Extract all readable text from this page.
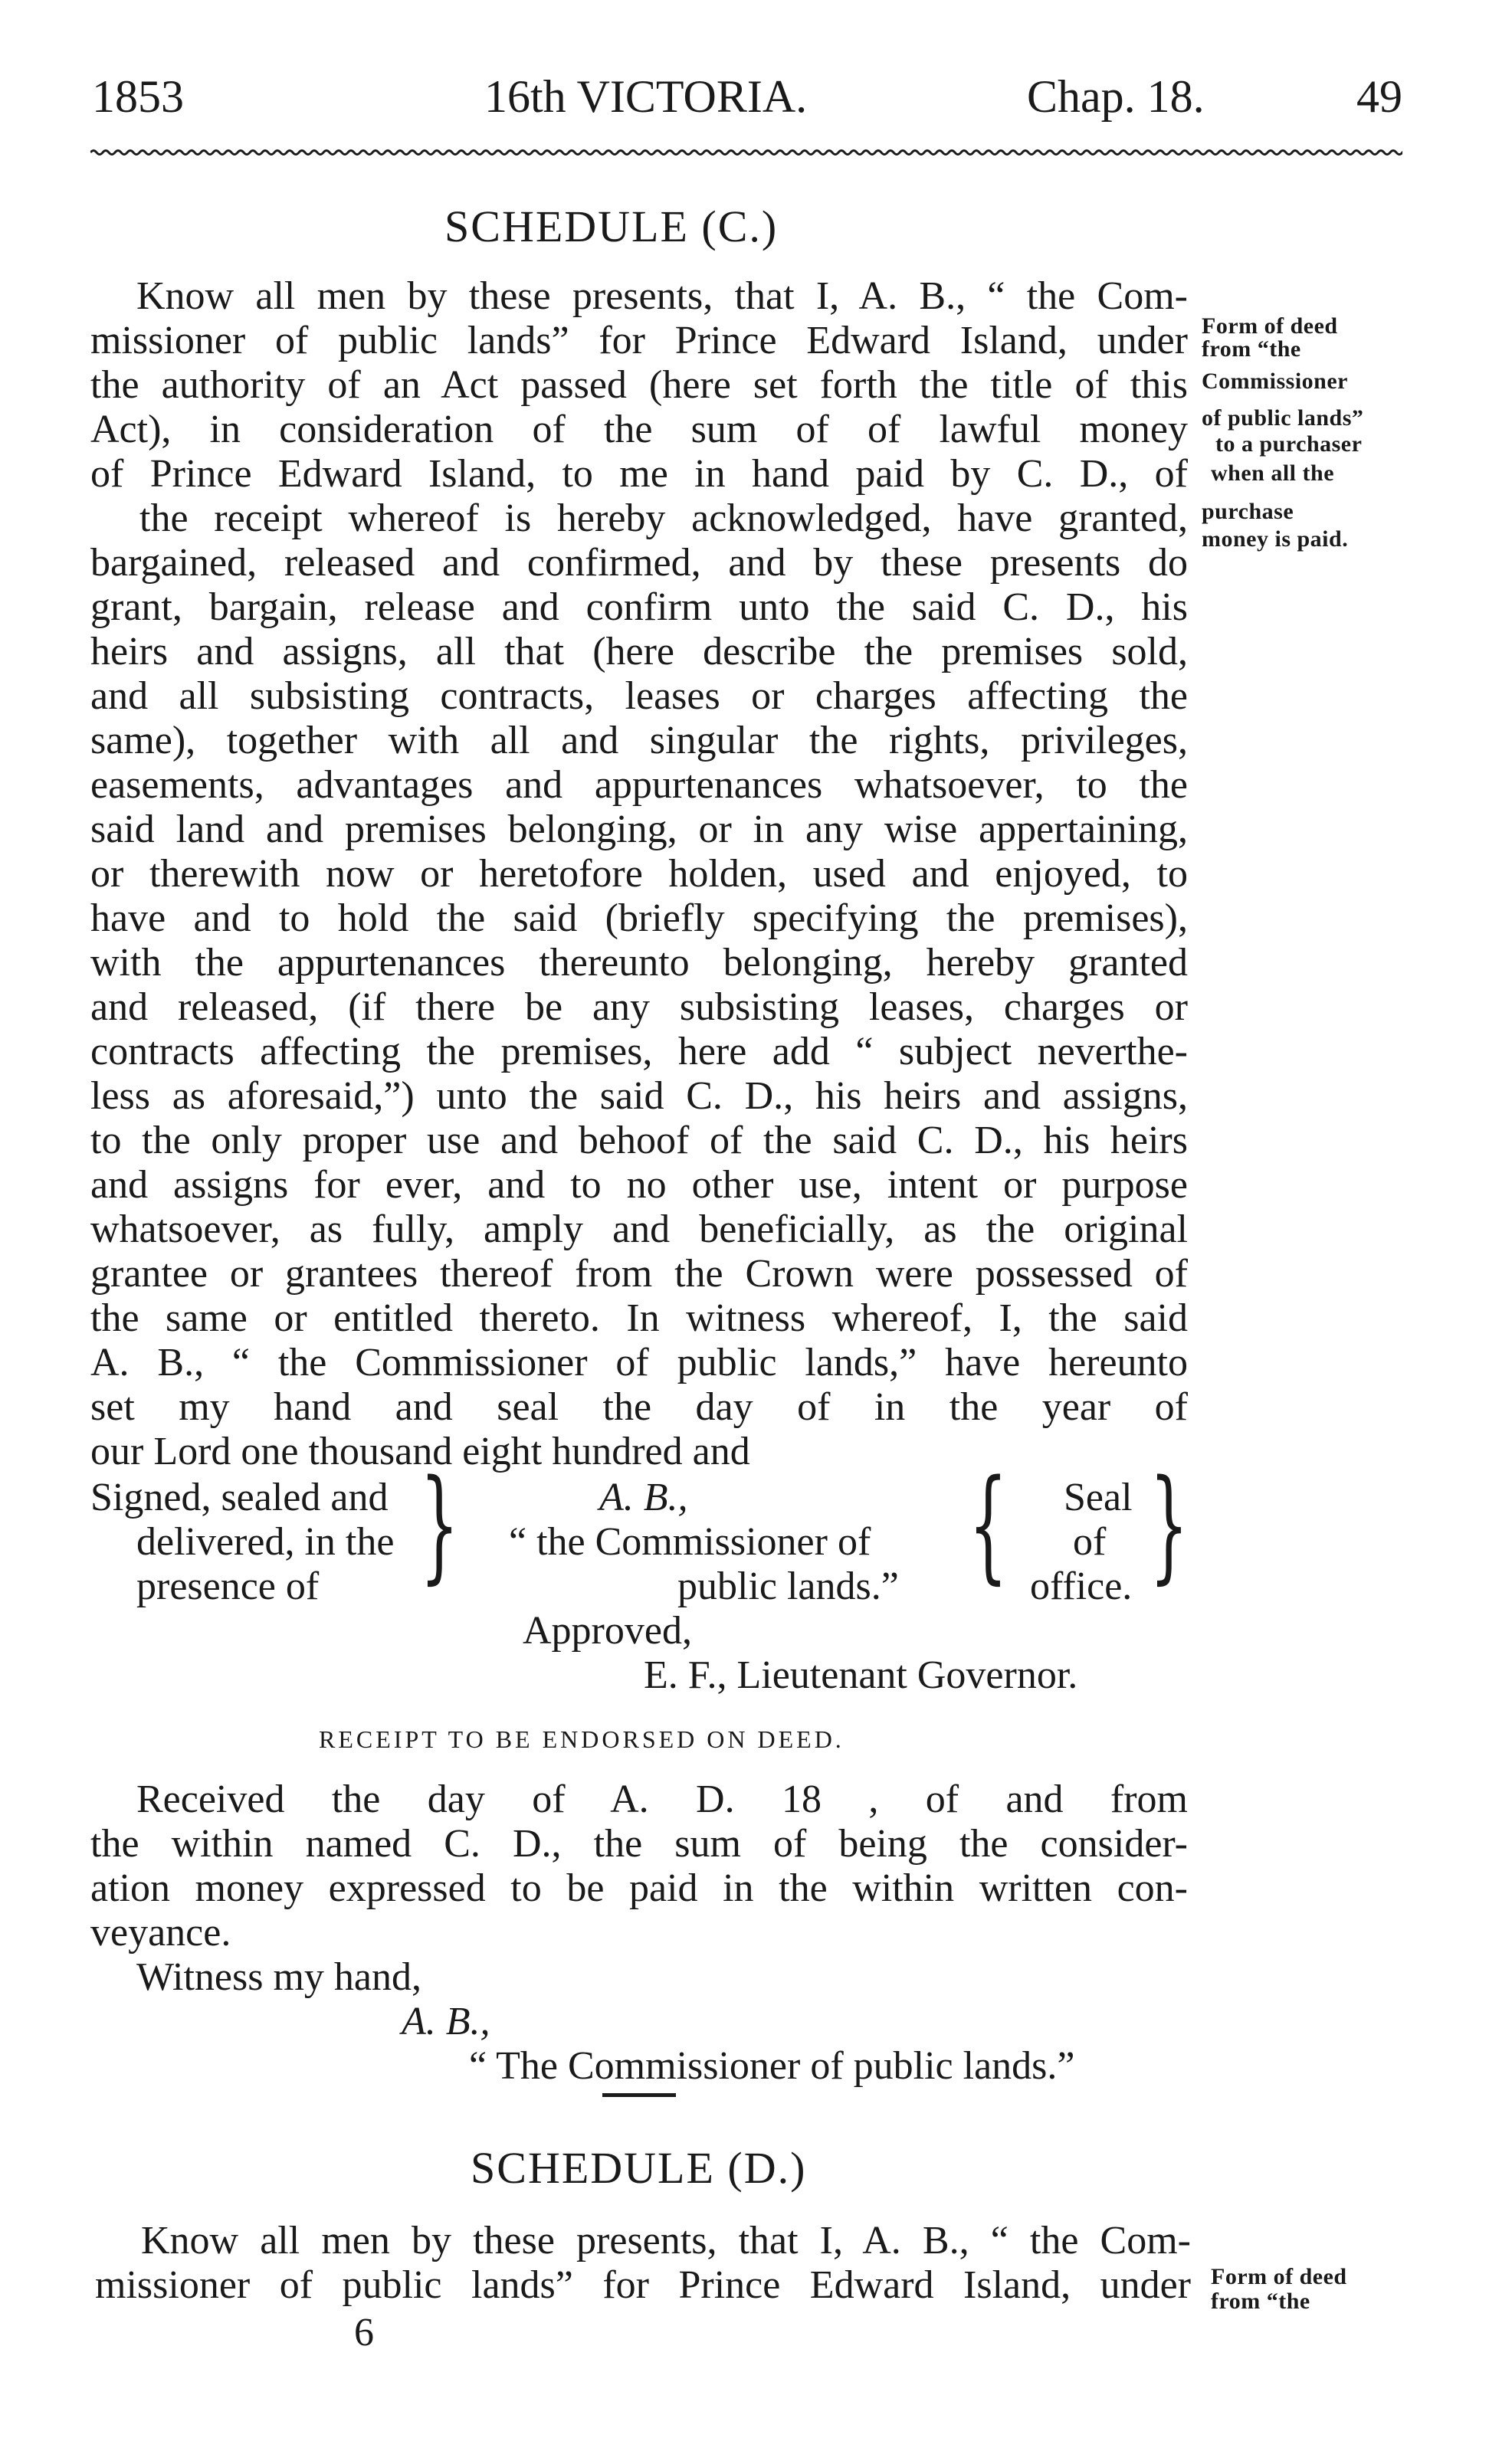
1853	16th VICTORIA.	Chap. 18.	49
SCHEDULE (C.)
Know all men by these presents, that I, A. B., “ the Com-
missioner of public lands” for Prince Edward Island, under
the authority of an Act passed (here set forth the title of this
Act), in consideration of the sum of of lawful money
of Prince Edward Island, to me in hand paid by C. D., of
the receipt whereof is hereby acknowledged, have granted,
bargained, released and confirmed, and by these presents do
grant, bargain, release and confirm unto the said C. D., his
heirs and assigns, all that (here describe the premises sold,
and all subsisting contracts, leases or charges affecting the
same), together with all and singular the rights, privileges,
easements, advantages and appurtenances whatsoever, to the
said land and premises belonging, or in any wise appertaining,
or therewith now or heretofore holden, used and enjoyed, to
have and to hold the said (briefly specifying the premises),
with the appurtenances thereunto belonging, hereby granted
and released, (if there be any subsisting leases, charges or
contracts affecting the premises, here add “ subject neverthe-
less as aforesaid,”) unto the said C. D., his heirs and assigns,
to the only proper use and behoof of the said C. D., his heirs
and assigns for ever, and to no other use, intent or purpose
whatsoever, as fully, amply and beneficially, as the original
grantee or grantees thereof from the Crown were possessed of
the same or entitled thereto. In witness whereof, I, the said
A. B., “ the Commissioner of public lands,” have hereunto
set my hand and seal the day of in the year of
our Lord one thousand eight hundred and
Form of deed
from “the
Commissioner
of public lands”
to a purchaser
when all the
purchase
money is paid.
Signed, sealed and
delivered, in the
presence of }	A. B.,
“ the Commissioner of
public lands.” { Seal
of
office. }
Approved,
E. F., Lieutenant Governor.
RECEIPT TO BE ENDORSED ON DEED.
Received the day of A. D. 18 , of and from
the within named C. D., the sum of being the consider-
ation money expressed to be paid in the within written con-
veyance.
Witness my hand,
A. B.,
“ The Commissioner of public lands.”
SCHEDULE (D.)
Know all men by these presents, that I, A. B., “ the Com-
missioner of public lands” for Prince Edward Island, under Form of deed
from “the
6
